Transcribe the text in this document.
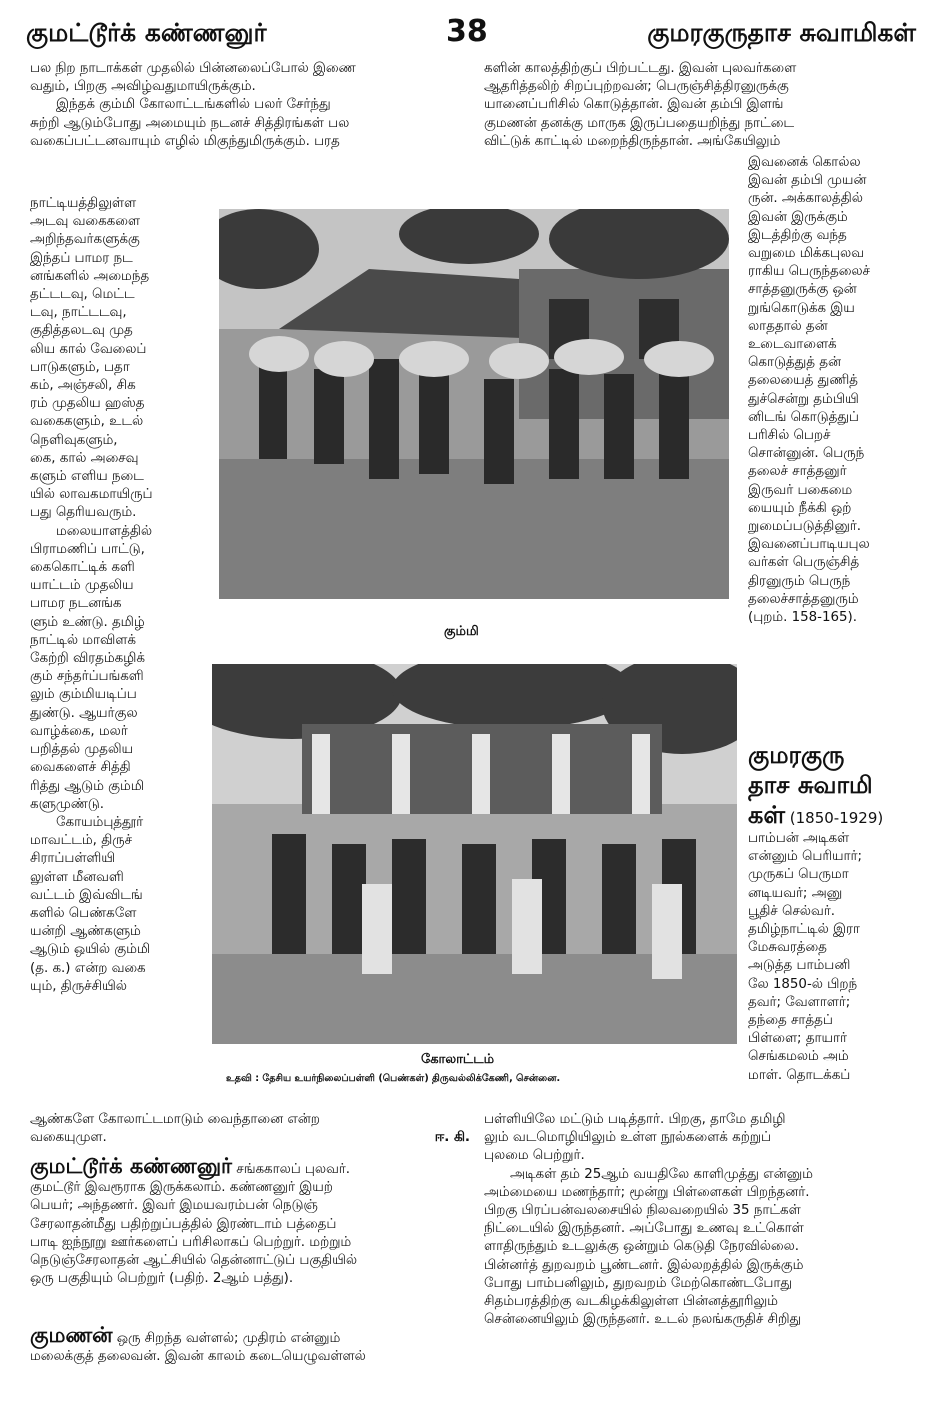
குமட்டூர்க் கண்ணனுர்	38	குமரகுருதாச சுவாமிகள்
பல நிற நாடாக்கள் முதலில் பின்னலைப்போல் இணை
வதும், பிறகு அவிழ்வதுமாயிருக்கும்.
இந்தக் கும்மி கோலாட்டங்களில் பலர் சேர்ந்து
சுற்றி ஆடும்போது அமையும் நடனச் சித்திரங்கள் பல
வகைப்பட்டனவாயும் எழில் மிகுந்துமிருக்கும். பரத
நாட்டியத்திலுள்ள
அடவு வகைகளை
அறிந்தவர்களுக்கு
இந்தப் பாமர நட
னங்களில் அமைந்த
தட்டடவு, மெட்ட
டவு, நாட்டடவு,
குதித்தலடவு முத
லிய கால் வேலைப்
பாடுகளும், பதா
கம், அஞ்சலி, சிக
ரம் முதலிய ஹஸ்த
வகைகளும், உடல்
நெளிவுகளும்,
கை, கால் அசைவு
களும் எளிய நடை
யில் லாவகமாயிருப்
பது தெரியவரும்.
மலையாளத்தில்
பிராமணிப் பாட்டு,
கைகொட்டிக் களி
யாட்டம் முதலிய
பாமர நடனங்க
ளும் உண்டு. தமிழ்
நாட்டில் மாவிளக்
கேற்றி விரதம்கழிக்
கும் சந்தர்ப்பங்களி
லும் கும்மியடிப்ப
துண்டு. ஆயர்குல
வாழ்க்கை, மலர்
பறித்தல் முதலிய
வைகளைச் சித்தி
ரித்து ஆடும் கும்மி
களுமுண்டு.
கோயம்புத்தூர்
மாவட்டம், திருச்
சிராப்பள்ளியி
லுள்ள மீனவளி
வட்டம் இவ்விடங்
களில் பெண்களே
யன்றி ஆண்களும்
ஆடும் ஒயில் கும்மி
(த. க.) என்ற வகை
யும், திருச்சியில்
ஆண்களே கோலாட்டமாடும் வைந்தானை என்ற
வகையுமுள.	ஈ. கி.
குமட்டூர்க் கண்ணனுர் சங்ககாலப் புலவர்.
குமட்டூர் இவரூராக இருக்கலாம். கண்ணனுர் இயற்
பெயர்; அந்தணர். இவர் இமயவரம்பன் நெடுஞ்
சேரலாதன்மீது பதிற்றுப்பத்தில் இரண்டாம் பத்தைப்
பாடி ஐந்நூறு ஊர்களைப் பரிசிலாகப் பெற்றுர். மற்றும்
நெடுஞ்சேரலாதன் ஆட்சியில் தென்னாட்டுப் பகுதியில்
ஒரு பகுதியும் பெற்றுர் (பதிற். 2ஆம் பத்து).
குமணன் ஒரு சிறந்த வள்ளல்; முதிரம் என்னும்
மலைக்குத் தலைவன். இவன் காலம் கடையெழுவள்ளல்
களின் காலத்திற்குப் பிற்பட்டது. இவன் புலவர்களை
ஆதரித்தலிற் சிறப்புற்றவன்; பெருஞ்சித்திரனுருக்கு
யானைப்பரிசில் கொடுத்தான். இவன் தம்பி இளங்
குமணன் தனக்கு மாருக இருப்பதையறிந்து நாட்டை
விட்டுக் காட்டில் மறைந்திருந்தான். அங்கேயிலும்
இவனைக் கொல்ல
இவன் தம்பி முயன்
ருன். அக்காலத்தில்
இவன் இருக்கும்
இடத்திற்கு வந்த
வறுமை மிக்கபுலவ
ராகிய பெருந்தலைச்
சாத்தனுருக்கு ஒன்
றுங்கொடுக்க இய
லாததால் தன்
உடைவாளைக்
கொடுத்துத் தன்
தலையைத் துணித்
துச்சென்று தம்பியி
னிடங் கொடுத்துப்
பரிசில் பெறச்
சொன்னுன். பெருந்
தலைச் சாத்தனுர்
இருவர் பகைமை
யையும் நீக்கி ஒற்
றுமைப்படுத்தினுர்.
இவனைப்பாடியபுல
வர்கள் பெருஞ்சித்
திரனுரும் பெருந்
தலைச்சாத்தனுரும்
(புறம். 158-165).
குமரகுரு
தாச சுவாமி
கள் (1850-1929)
பாம்பன் அடிகள்
என்னும் பெரியார்;
முருகப் பெருமா
னடியவர்; அனு
பூதிச் செல்வர்.
தமிழ்நாட்டில் இரா
மேசுவரத்தை
அடுத்த பாம்பனி
லே 1850-ல் பிறந்
தவர்; வேளாளர்;
தந்தை சாத்தப்
பிள்ளை; தாயார்
செங்கமலம் அம்
மாள். தொடக்கப்
பள்ளியிலே மட்டும் படித்தார். பிறகு, தாமே தமிழி
லும் வடமொழியிலும் உள்ள நூல்களைக் கற்றுப்
புலமை பெற்றுர்.
அடிகள் தம் 25ஆம் வயதிலே காளிமுத்து என்னும்
அம்மையை மணந்தார்; மூன்று பிள்ளைகள் பிறந்தனர்.
பிறகு பிரப்பன்வலசையில் நிலவறையில் 35 நாட்கள்
நிட்டையில் இருந்தனர். அப்போது உணவு உட்கொள்
ளாதிருந்தும் உடலுக்கு ஒன்றும் கெடுதி நேரவில்லை.
பின்னர்த் துறவறம் பூண்டனர். இல்லறத்தில் இருக்கும்
போது பாம்பனிலும், துறவறம் மேற்கொண்டபோது
சிதம்பரத்திற்கு வடகிழக்கிலுள்ள பின்னத்தூரிலும்
சென்னையிலும் இருந்தனர். உடல் நலங்கருதிச் சிறிது
கும்மி
கோலாட்டம்
உதவி : தேசிய உயர்நிலைப்பள்ளி (பெண்கள்) திருவல்லிக்கேணி, சென்னை.
